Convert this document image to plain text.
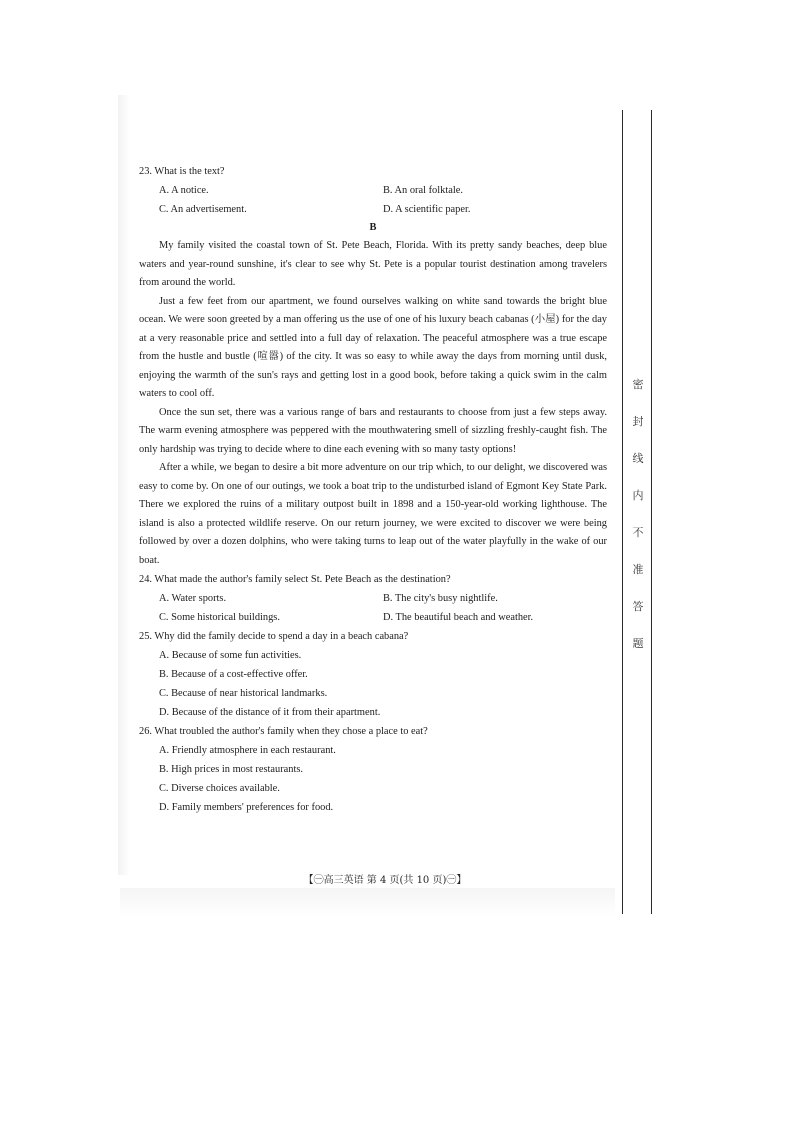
密
封
线
内
不
准
答
题
23. What is the text?
A. A notice.	B. An oral folktale.
C. An advertisement.	D. A scientific paper.
B

My family visited the coastal town of St. Pete Beach, Florida. With its pretty sandy beaches, deep blue waters and year-round sunshine, it's clear to see why St. Pete is a popular tourist destination among travelers from around the world.

Just a few feet from our apartment, we found ourselves walking on white sand towards the bright blue ocean. We were soon greeted by a man offering us the use of one of his luxury beach cabanas (小屋) for the day at a very reasonable price and settled into a full day of relaxation. The peaceful atmosphere was a true escape from the hustle and bustle (喧嚣) of the city. It was so easy to while away the days from morning until dusk, enjoying the warmth of the sun's rays and getting lost in a good book, before taking a quick swim in the calm waters to cool off.

Once the sun set, there was a various range of bars and restaurants to choose from just a few steps away. The warm evening atmosphere was peppered with the mouthwatering smell of sizzling freshly-caught fish. The only hardship was trying to decide where to dine each evening with so many tasty options!

After a while, we began to desire a bit more adventure on our trip which, to our delight, we discovered was easy to come by. On one of our outings, we took a boat trip to the undisturbed island of Egmont Key State Park. There we explored the ruins of a military outpost built in 1898 and a 150-year-old working lighthouse. The island is also a protected wildlife reserve. On our return journey, we were excited to discover we were being followed by over a dozen dolphins, who were taking turns to leap out of the water playfully in the wake of our boat.

24. What made the author's family select St. Pete Beach as the destination?
A. Water sports.	B. The city's busy nightlife.
C. Some historical buildings.	D. The beautiful beach and weather.
25. Why did the family decide to spend a day in a beach cabana?
A. Because of some fun activities.
B. Because of a cost-effective offer.
C. Because of near historical landmarks.
D. Because of the distance of it from their apartment.
26. What troubled the author's family when they chose a place to eat?
A. Friendly atmosphere in each restaurant.
B. High prices in most restaurants.
C. Diverse choices available.
D. Family members' preferences for food.
【㊀高三英语 第 4 页(共 10 页)㊀】
